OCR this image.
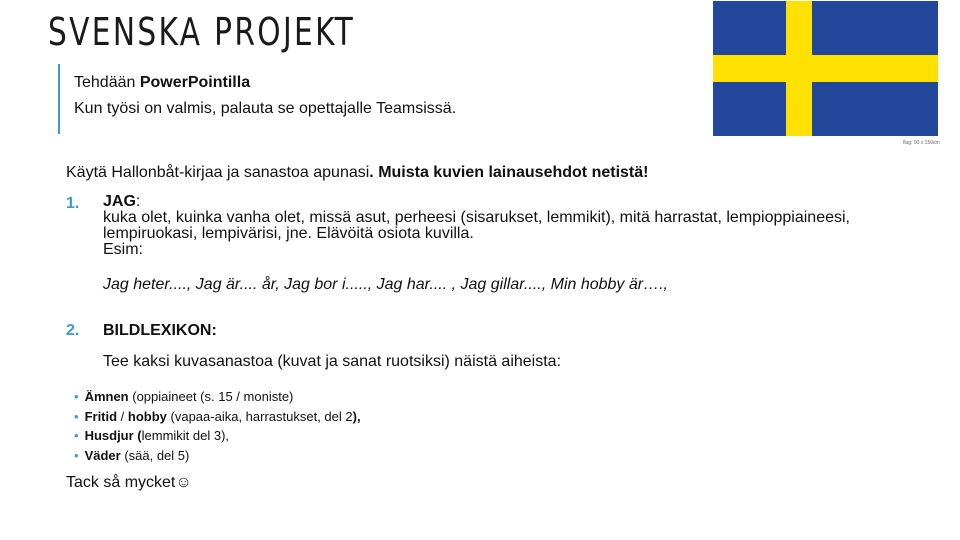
SVENSKA PROJEKT
flag: 90 x 150cm
Tehdään PowerPointilla
Kun työsi on valmis, palauta se opettajalle Teamsissä.
Käytä Hallonbåt-kirjaa ja sanastoa apunasi. Muista kuvien lainausehdot netistä!
1. JAG:
kuka olet, kuinka vanha olet, missä asut, perheesi (sisarukset, lemmikit), mitä harrastat, lempioppiaineesi, lempiruokasi, lempivärisi, jne. Elävöitä osiota kuvilla.
Esim:
Jag heter...., Jag är.... år, Jag bor i....., Jag har.... , Jag gillar...., Min hobby är….,
2. BILDLEXIKON:
Tee kaksi kuvasanastoa (kuvat ja sanat ruotsiksi) näistä aiheista:
• Ämnen (oppiaineet (s. 15 / moniste)
• Fritid / hobby (vapaa-aika, harrastukset, del 2),
• Husdjur (lemmikit del 3),
• Väder (sää, del 5)
Tack så mycket☺
